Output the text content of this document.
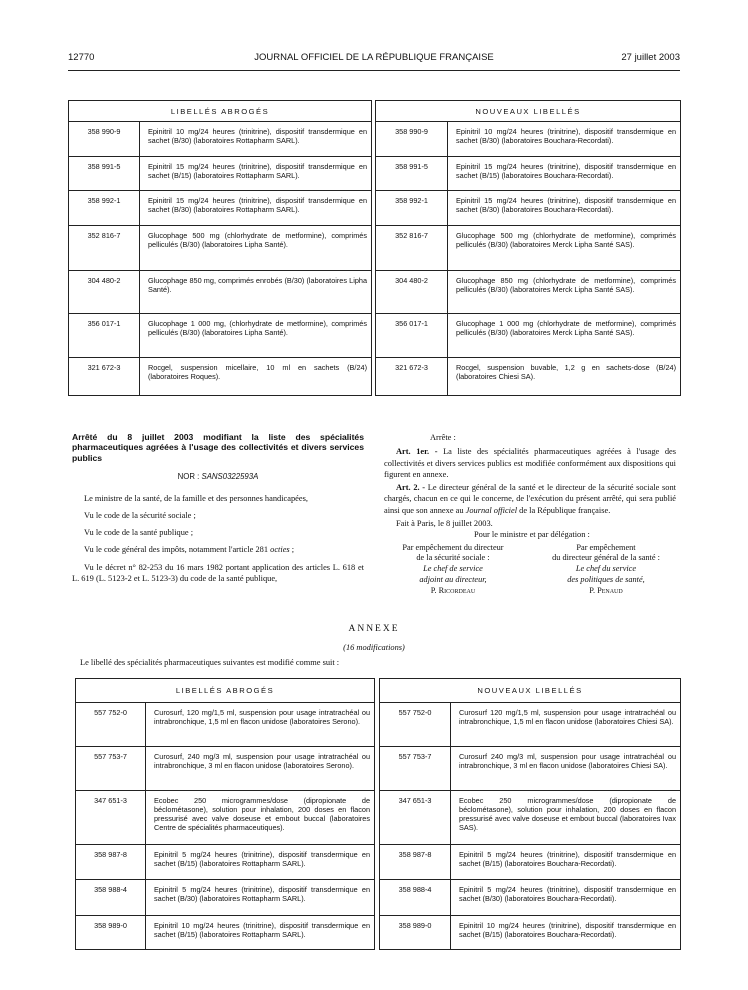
12770	JOURNAL OFFICIEL DE LA RÉPUBLIQUE FRANÇAISE	27 juillet 2003
LIBELLÉS ABROGÉS			NOUVEAUX LIBELLÉS	
358 990-9	Epinitril 10 mg/24 heures (trinitrine), dispositif transdermique en sachet (B/30) (laboratoires Rottapharm SARL).		358 990-9	Epinitril 10 mg/24 heures (trinitrine), dispositif transdermique en sachet (B/30) (laboratoires Bouchara-Recordati).
358 991-5	Epinitril 15 mg/24 heures (trinitrine), dispositif transdermique en sachet (B/15) (laboratoires Rottapharm SARL).		358 991-5	Epinitril 15 mg/24 heures (trinitrine), dispositif transdermique en sachet (B/15) (laboratoires Bouchara-Recordati).
358 992-1	Epinitril 15 mg/24 heures (trinitrine), dispositif transdermique en sachet (B/30) (laboratoires Rottapharm SARL).		358 992-1	Epinitril 15 mg/24 heures (trinitrine), dispositif transdermique en sachet (B/30) (laboratoires Bouchara-Recordati).
352 816-7	Glucophage 500 mg (chlorhydrate de metformine), comprimés pelliculés (B/30) (laboratoires Lipha Santé).		352 816-7	Glucophage 500 mg (chlorhydrate de metformine), comprimés pelliculés (B/30) (laboratoires Merck Lipha Santé SAS).
304 480-2	Glucophage 850 mg, comprimés enrobés (B/30) (laboratoires Lipha Santé).		304 480-2	Glucophage 850 mg (chlorhydrate de metformine), comprimés pelliculés (B/30) (laboratoires Merck Lipha Santé SAS).
356 017-1	Glucophage 1 000 mg, (chlorhydrate de metformine), comprimés pelliculés (B/30) (laboratoires Lipha Santé).		356 017-1	Glucophage 1 000 mg (chlorhydrate de metformine), comprimés pelliculés (B/30) (laboratoires Merck Lipha Santé SAS).
321 672-3	Rocgel, suspension micellaire, 10 ml en sachets (B/24) (laboratoires Roques).		321 672-3	Rocgel, suspension buvable, 1,2 g en sachets-dose (B/24) (laboratoires Chiesi SA).
Arrêté du 8 juillet 2003 modifiant la liste des spécialités pharmaceutiques agréées à l'usage des collectivités et divers services publics
NOR : SANS0322593A

Le ministre de la santé, de la famille et des personnes handicapées,

Vu le code de la sécurité sociale ;

Vu le code de la santé publique ;

Vu le code général des impôts, notamment l'article 281 octies ;

Vu le décret n° 82-253 du 16 mars 1982 portant application des articles L. 618 et L. 619 (L. 5123-2 et L. 5123-3) du code de la santé publique,

Arrête :

Art. 1er. - La liste des spécialités pharmaceutiques agréées à l'usage des collectivités et divers services publics est modifiée conformément aux dispositions qui figurent en annexe.

Art. 2. - Le directeur général de la santé et le directeur de la sécurité sociale sont chargés, chacun en ce qui le concerne, de l'exécution du présent arrêté, qui sera publié ainsi que son annexe au Journal officiel de la République française.

Fait à Paris, le 8 juillet 2003.

Pour le ministre et par délégation :

Par empêchement du directeur
de la sécurité sociale :
Le chef de service
adjoint au directeur,
P. Ricordeau
Par empêchement
du directeur général de la santé :
Le chef du service
des politiques de santé,
P. Penaud
ANNEXE
(16 modifications)
Le libellé des spécialités pharmaceutiques suivantes est modifié comme suit :
LIBELLÉS ABROGÉS			NOUVEAUX LIBELLÉS	
557 752-0	Curosurf, 120 mg/1,5 ml, suspension pour usage intratrachéal ou intrabronchique, 1,5 ml en flacon unidose (laboratoires Serono).		557 752-0	Curosurf 120 mg/1,5 ml, suspension pour usage intratrachéal ou intrabronchique, 1,5 ml en flacon unidose (laboratoires Chiesi SA).
557 753-7	Curosurf, 240 mg/3 ml, suspension pour usage intratrachéal ou intrabronchique, 3 ml en flacon unidose (laboratoires Serono).		557 753-7	Curosurf 240 mg/3 ml, suspension pour usage intratrachéal ou intrabronchique, 3 ml en flacon unidose (laboratoires Chiesi SA).
347 651-3	Ecobec 250 microgrammes/dose (dipropionate de béclométasone), solution pour inhalation, 200 doses en flacon pressurisé avec valve doseuse et embout buccal (laboratoires Centre de spécialités pharmaceutiques).		347 651-3	Ecobec 250 microgrammes/dose (dipropionate de béclométasone), solution pour inhalation, 200 doses en flacon pressurisé avec valve doseuse et embout buccal (laboratoires Ivax SAS).
358 987-8	Epinitril 5 mg/24 heures (trinitrine), dispositif transdermique en sachet (B/15) (laboratoires Rottapharm SARL).		358 987-8	Epinitril 5 mg/24 heures (trinitrine), dispositif transdermique en sachet (B/15) (laboratoires Bouchara-Recordati).
358 988-4	Epinitril 5 mg/24 heures (trinitrine), dispositif transdermique en sachet (B/30) (laboratoires Rottapharm SARL).		358 988-4	Epinitril 5 mg/24 heures (trinitrine), dispositif transdermique en sachet (B/30) (laboratoires Bouchara-Recordati).
358 989-0	Epinitril 10 mg/24 heures (trinitrine), dispositif transdermique en sachet (B/15) (laboratoires Rottapharm SARL).		358 989-0	Epinitril 10 mg/24 heures (trinitrine), dispositif transdermique en sachet (B/15) (laboratoires Bouchara-Recordati).
